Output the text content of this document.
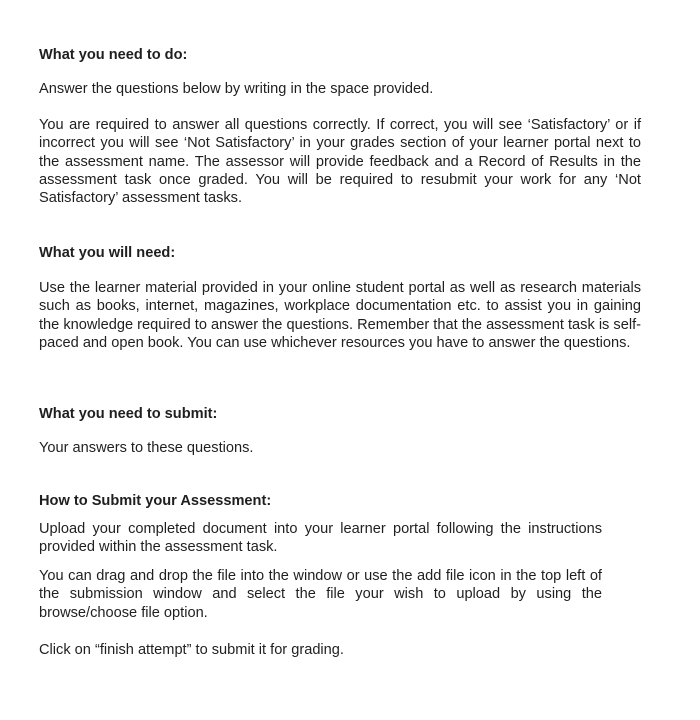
What you need to do:

Answer the questions below by writing in the space provided.

You are required to answer all questions correctly. If correct, you will see ‘Satisfactory’ or if incorrect you will see ‘Not Satisfactory’ in your grades section of your learner portal next to the assessment name. The assessor will provide feedback and a Record of Results in the assessment task once graded. You will be required to resubmit your work for any ‘Not Satisfactory’ assessment tasks.

What you will need:

Use the learner material provided in your online student portal as well as research materials such as books, internet, magazines, workplace documentation etc. to assist you in gaining the knowledge required to answer the questions. Remember that the assessment task is self-paced and open book. You can use whichever resources you have to answer the questions.

What you need to submit:

Your answers to these questions.

How to Submit your Assessment:

Upload your completed document into your learner portal following the instructions provided within the assessment task.

You can drag and drop the file into the window or use the add file icon in the top left of the submission window and select the file your wish to upload by using the browse/choose file option.

Click on “finish attempt” to submit it for grading.
